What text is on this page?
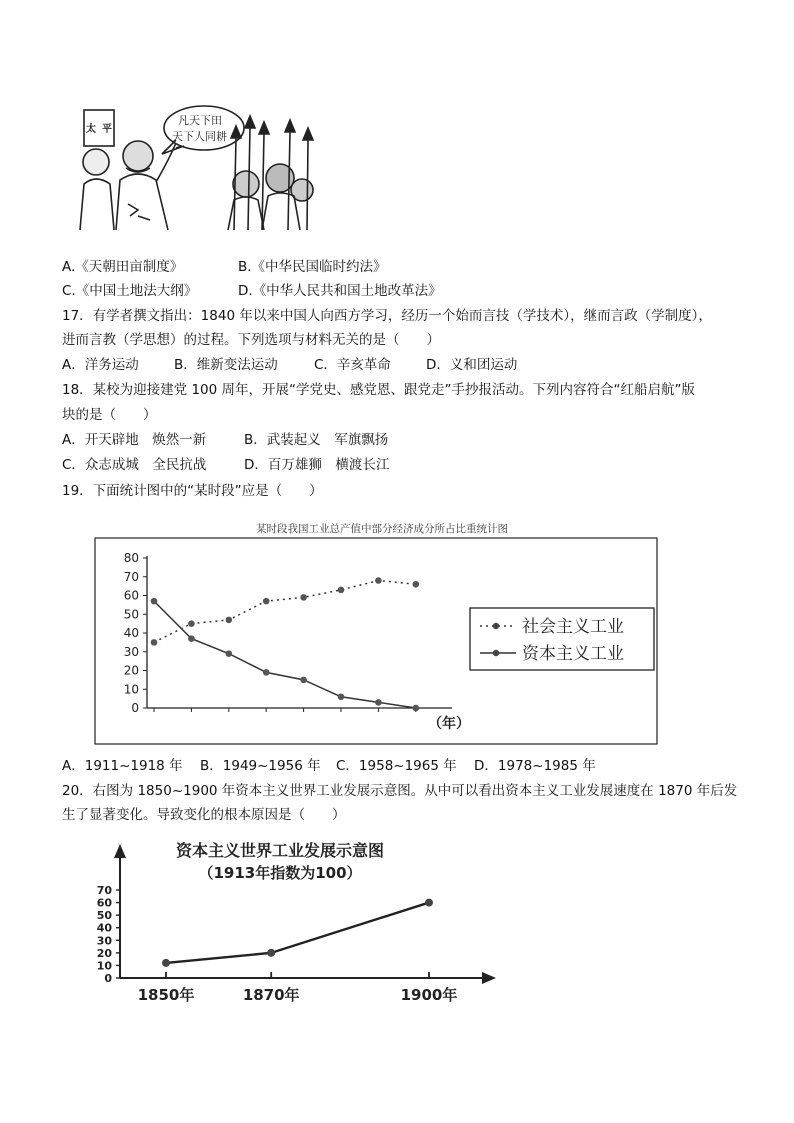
太平
凡天下田
天下人同耕
A.《天朝田亩制度》	B.《中华民国临时约法》
C.《中国土地法大纲》	D.《中华人民共和国土地改革法》
17．有学者撰文指出：1840 年以来中国人向西方学习，经历一个始而言技（学技术），继而言政（学制度），
进而言教（学思想）的过程。下列选项与材料无关的是（　　）
A．洋务运动	B．维新变法运动	C．辛亥革命	D．义和团运动
18．某校为迎接建党 100 周年，开展“学党史、感党恩、跟党走”手抄报活动。下列内容符合“红船启航”版
块的是（　　）
A．开天辟地　焕然一新	B．武装起义　军旗飘扬
C．众志成城　全民抗战	D．百万雄狮　横渡长江
19．下面统计图中的“某时段”应是（　　）
某时段我国工业总产值中部分经济成分所占比重统计图
0
10
20
30
40
50
60
70
80
（年）
社会主义工业
资本主义工业
A．1911~1918 年 B．1949~1956 年 C．1958~1965 年 D．1978~1985 年
20．右图为 1850~1900 年资本主义世界工业发展示意图。从中可以看出资本主义工业发展速度在 1870 年后发
生了显著变化。导致变化的根本原因是（　　）
资本主义世界工业发展示意图
（1913年指数为100）
0
10
20
30
40
50
60
70
1850年	1870年	1900年
